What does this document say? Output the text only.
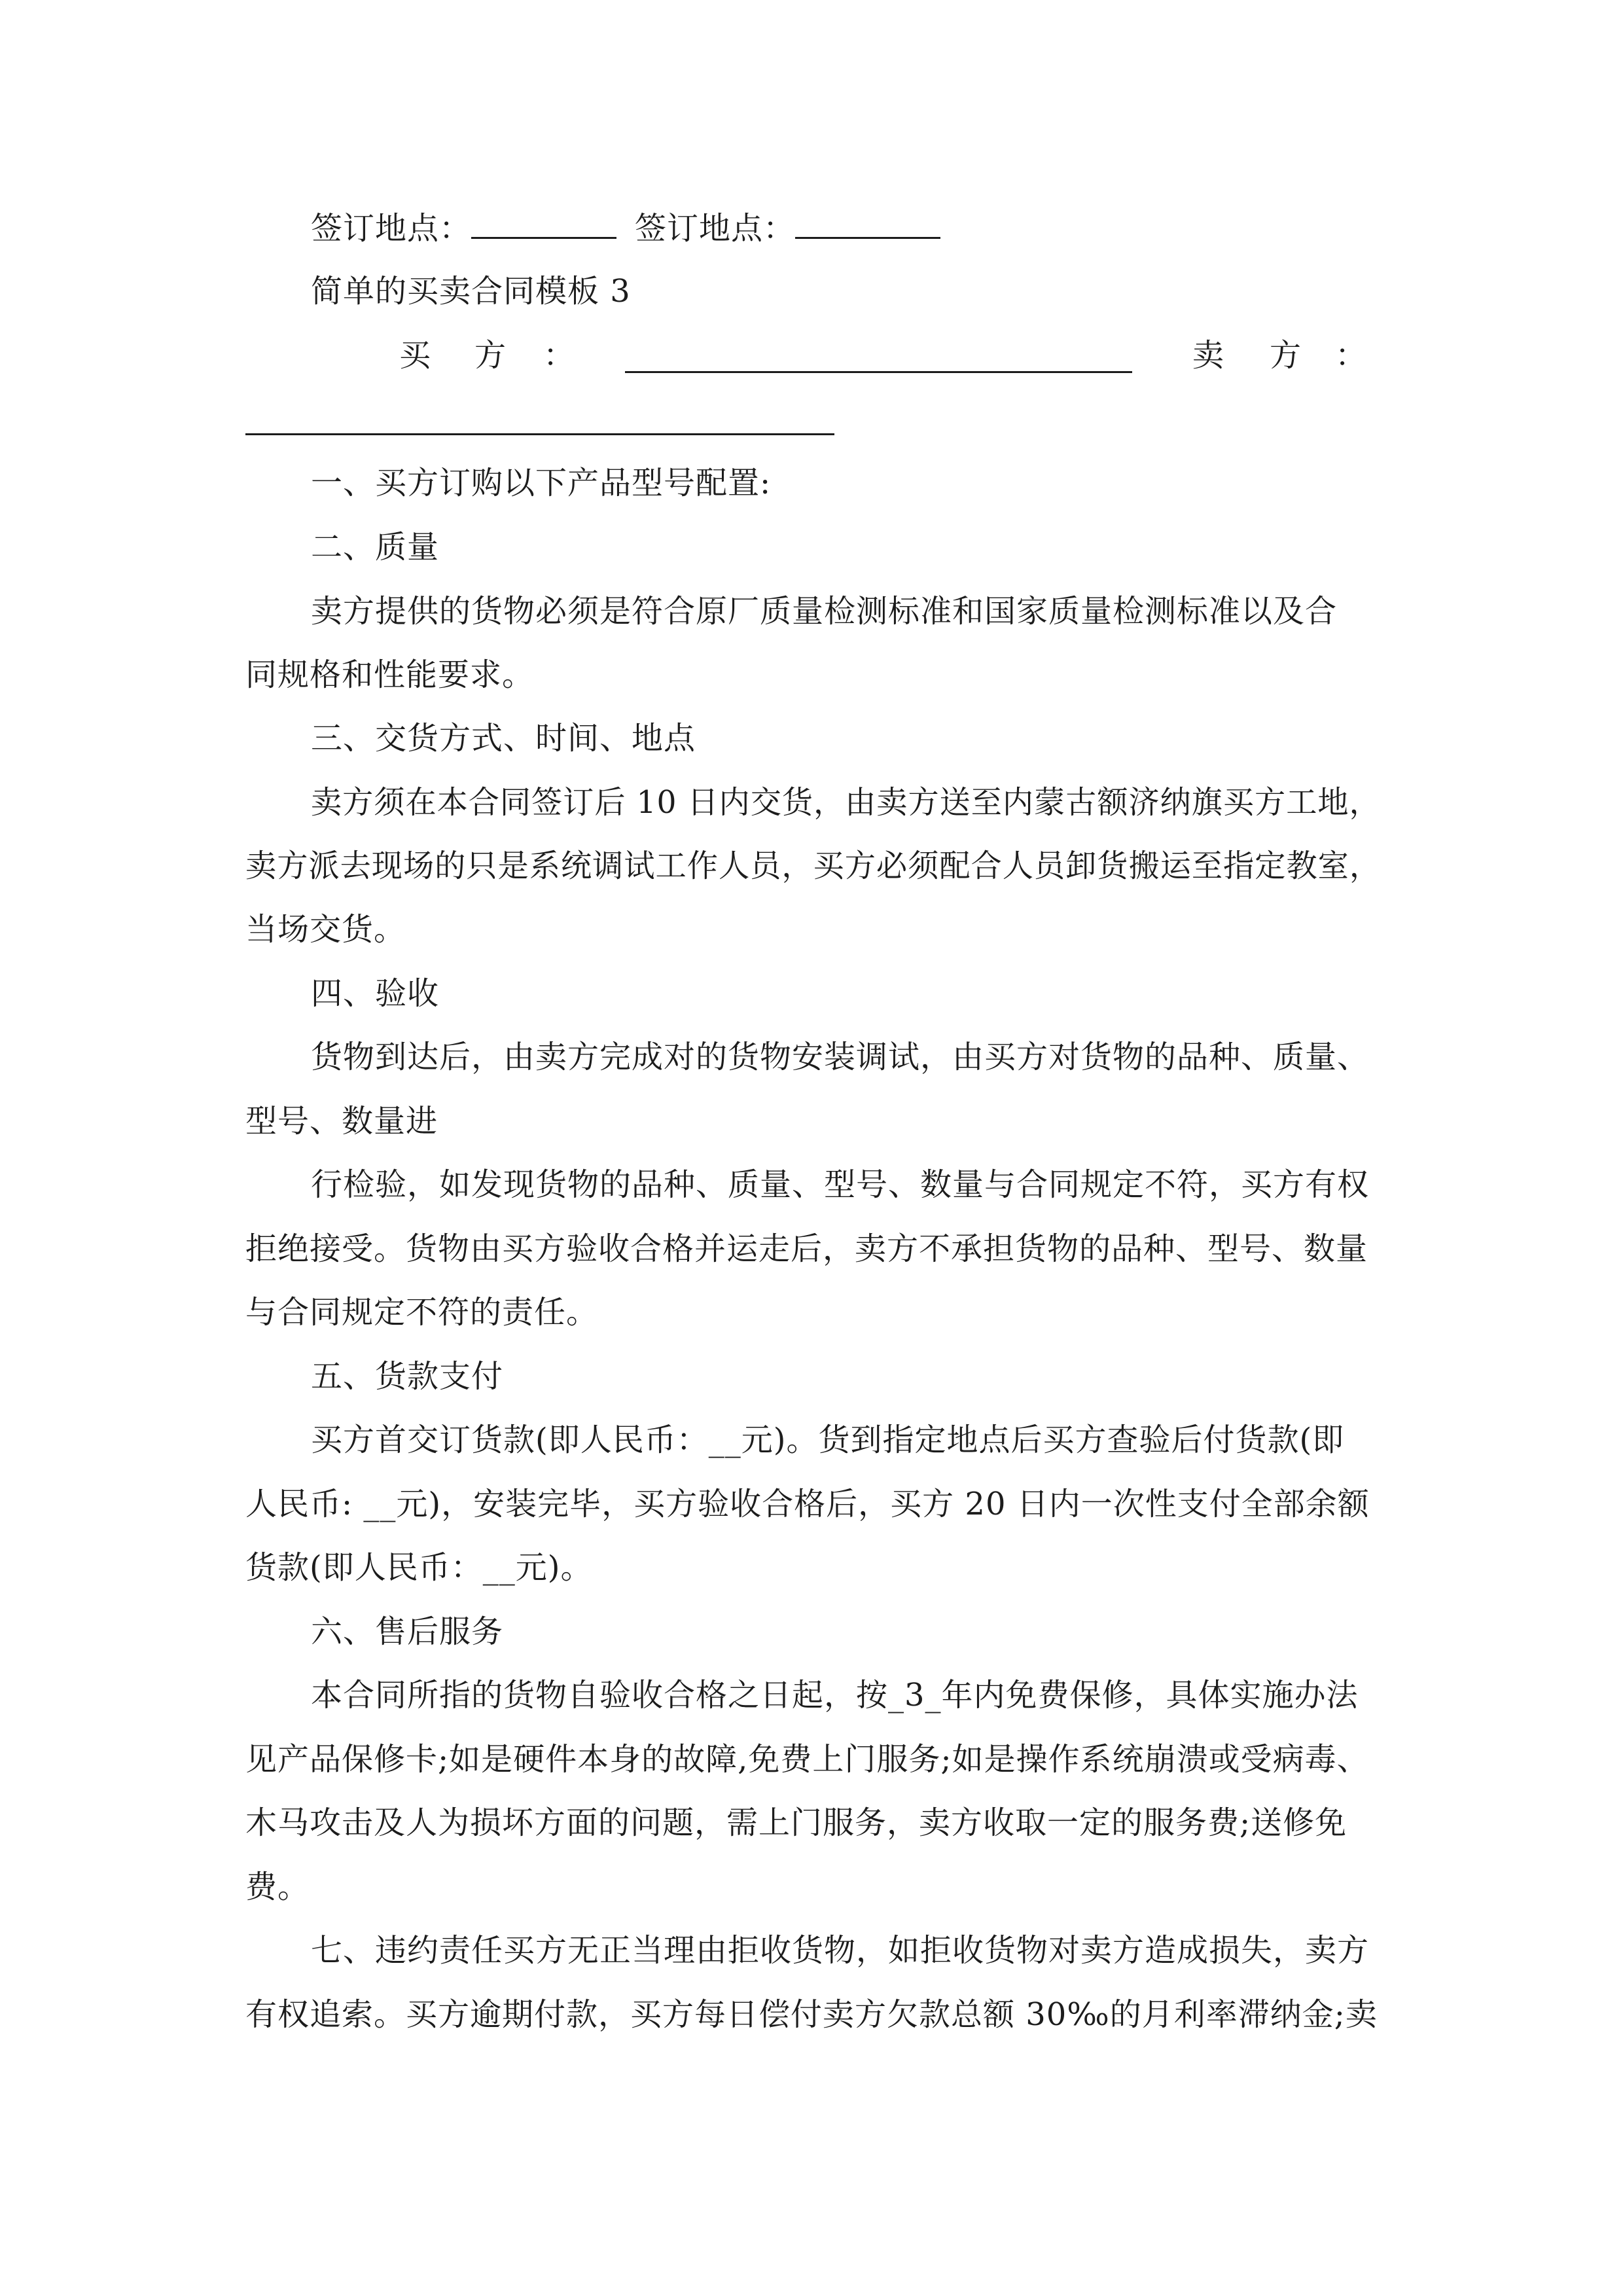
签订地点：	签订地点：
简单的买卖合同模板 3
买 方 ：	卖 方 ：
一、买方订购以下产品型号配置:
二、质量
卖方提供的货物必须是符合原厂质量检测标准和国家质量检测标准以及合
同规格和性能要求。
三、交货方式、时间、地点
卖方须在本合同签订后 10 日内交货，由卖方送至内蒙古额济纳旗买方工地，
卖方派去现场的只是系统调试工作人员，买方必须配合人员卸货搬运至指定教室，
当场交货。
四、验收
货物到达后，由卖方完成对的货物安装调试，由买方对货物的品种、质量、
型号、数量进
行检验，如发现货物的品种、质量、型号、数量与合同规定不符，买方有权
拒绝接受。货物由买方验收合格并运走后，卖方不承担货物的品种、型号、数量
与合同规定不符的责任。
五、货款支付
买方首交订货款(即人民币：__元)。货到指定地点后买方查验后付货款(即
人民币: __元)，安装完毕，买方验收合格后，买方 20 日内一次性支付全部余额
货款(即人民币：__元)。
六、售后服务
本合同所指的货物自验收合格之日起，按_3_年内免费保修，具体实施办法
见产品保修卡;如是硬件本身的故障,免费上门服务;如是操作系统崩溃或受病毒、
木马攻击及人为损坏方面的问题，需上门服务，卖方收取一定的服务费;送修免
费。
七、违约责任买方无正当理由拒收货物，如拒收货物对卖方造成损失，卖方
有权追索。买方逾期付款，买方每日偿付卖方欠款总额 30‰的月利率滞纳金;卖
